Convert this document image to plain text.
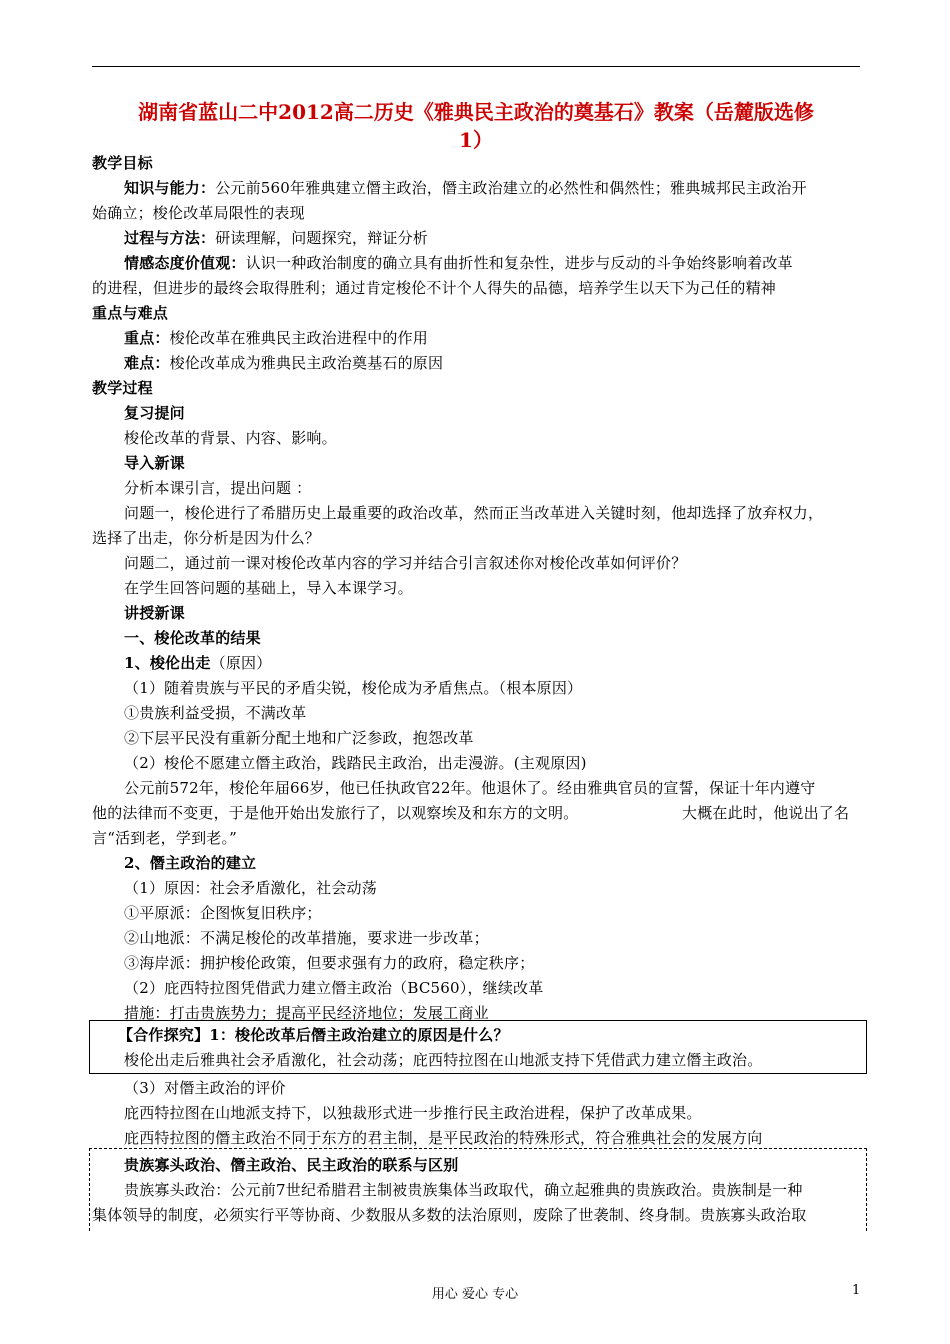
湖南省蓝山二中2012高二历史《雅典民主政治的奠基石》教案（岳麓版选修
1）
教学目标
知识与能力：公元前560年雅典建立僭主政治，僭主政治建立的必然性和偶然性；雅典城邦民主政治开
始确立；梭伦改革局限性的表现
过程与方法：研读理解，问题探究，辩证分析
情感态度价值观：认识一种政治制度的确立具有曲折性和复杂性，进步与反动的斗争始终影响着改革
的进程，但进步的最终会取得胜利；通过肯定梭伦不计个人得失的品德，培养学生以天下为己任的精神
重点与难点
重点：梭伦改革在雅典民主政治进程中的作用
难点：梭伦改革成为雅典民主政治奠基石的原因
教学过程
复习提问
梭伦改革的背景、内容、影响。
导入新课
分析本课引言，提出问题 ：
问题一，梭伦进行了希腊历史上最重要的政治改革，然而正当改革进入关键时刻，他却选择了放弃权力，
选择了出走，你分析是因为什么？
问题二，通过前一课对梭伦改革内容的学习并结合引言叙述你对梭伦改革如何评价？
在学生回答问题的基础上，导入本课学习。
讲授新课
一、梭伦改革的结果
1、梭伦出走（原因）
（1）随着贵族与平民的矛盾尖锐，梭伦成为矛盾焦点。（根本原因）
①贵族利益受损，不满改革
②下层平民没有重新分配土地和广泛参政，抱怨改革
（2）梭伦不愿建立僭主政治，践踏民主政治，出走漫游。(主观原因)
公元前572年，梭伦年届66岁，他已任执政官22年。他退休了。经由雅典官员的宣誓，保证十年内遵守
他的法律而不变更，于是他开始出发旅行了，以观察埃及和东方的文明。	大概在此时，他说出了名
言“活到老，学到老。”
2、僭主政治的建立
（1）原因：社会矛盾激化，社会动荡
①平原派：企图恢复旧秩序；
②山地派：不满足梭伦的改革措施，要求进一步改革；
③海岸派：拥护梭伦政策，但要求强有力的政府，稳定秩序；
（2）庇西特拉图凭借武力建立僭主政治（BC560），继续改革
措施：打击贵族势力；提高平民经济地位；发展工商业
【合作探究】1：梭伦改革后僭主政治建立的原因是什么？
梭伦出走后雅典社会矛盾激化，社会动荡；庇西特拉图在山地派支持下凭借武力建立僭主政治。
（3）对僭主政治的评价
庇西特拉图在山地派支持下，以独裁形式进一步推行民主政治进程，保护了改革成果。
庇西特拉图的僭主政治不同于东方的君主制，是平民政治的特殊形式，符合雅典社会的发展方向
贵族寡头政治、僭主政治、民主政治的联系与区别
贵族寡头政治：公元前7世纪希腊君主制被贵族集体当政取代，确立起雅典的贵族政治。贵族制是一种
集体领导的制度，必须实行平等协商、少数服从多数的法治原则，废除了世袭制、终身制。贵族寡头政治取
用心 爱心 专心	1
